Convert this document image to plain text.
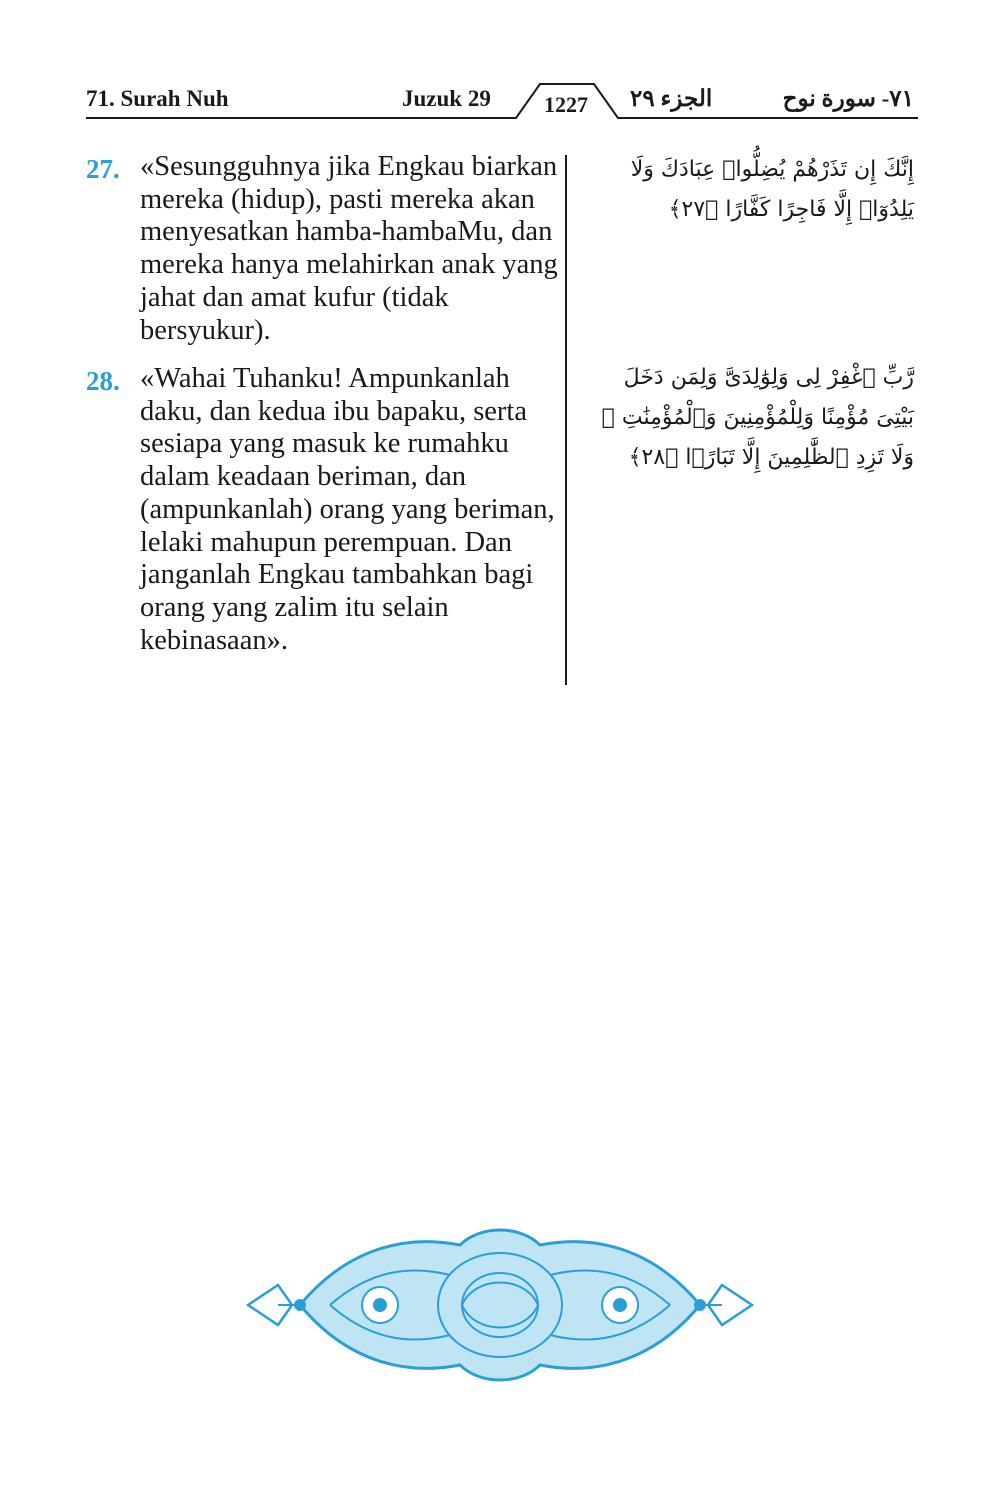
71. Surah Nuh	Juzuk 29	1227	الجزء ٢٩	٧١- سورة نوح
27. «Sesungguhnya jika Engkau biarkan mereka (hidup), pasti mereka akan menyesatkan hamba-hambaMu, dan mereka hanya melahirkan anak yang jahat dan amat kufur (tidak bersyukur).
إِنَّكَ إِن تَذَرْهُمْ يُضِلُّوا۟ عِبَادَكَ وَلَا يَلِدُوٓا۟ إِلَّا فَاجِرًا كَفَّارًا ﴿٢٧﴾
28. «Wahai Tuhanku! Ampunkanlah daku, dan kedua ibu bapaku, serta sesiapa yang masuk ke rumahku dalam keadaan beriman, dan (ampunkanlah) orang yang beriman, lelaki mahupun perempuan. Dan janganlah Engkau tambahkan bagi orang yang zalim itu selain kebinasaan».
رَّبِّ ٱغْفِرْ لِى وَلِوَٰلِدَىَّ وَلِمَن دَخَلَ بَيْتِىَ مُؤْمِنًا وَلِلْمُؤْمِنِينَ وَٱلْمُؤْمِنَٰتِ ۖ وَلَا تَزِدِ ٱلظَّٰلِمِينَ إِلَّا تَبَارًۢا ﴿٢٨﴾
